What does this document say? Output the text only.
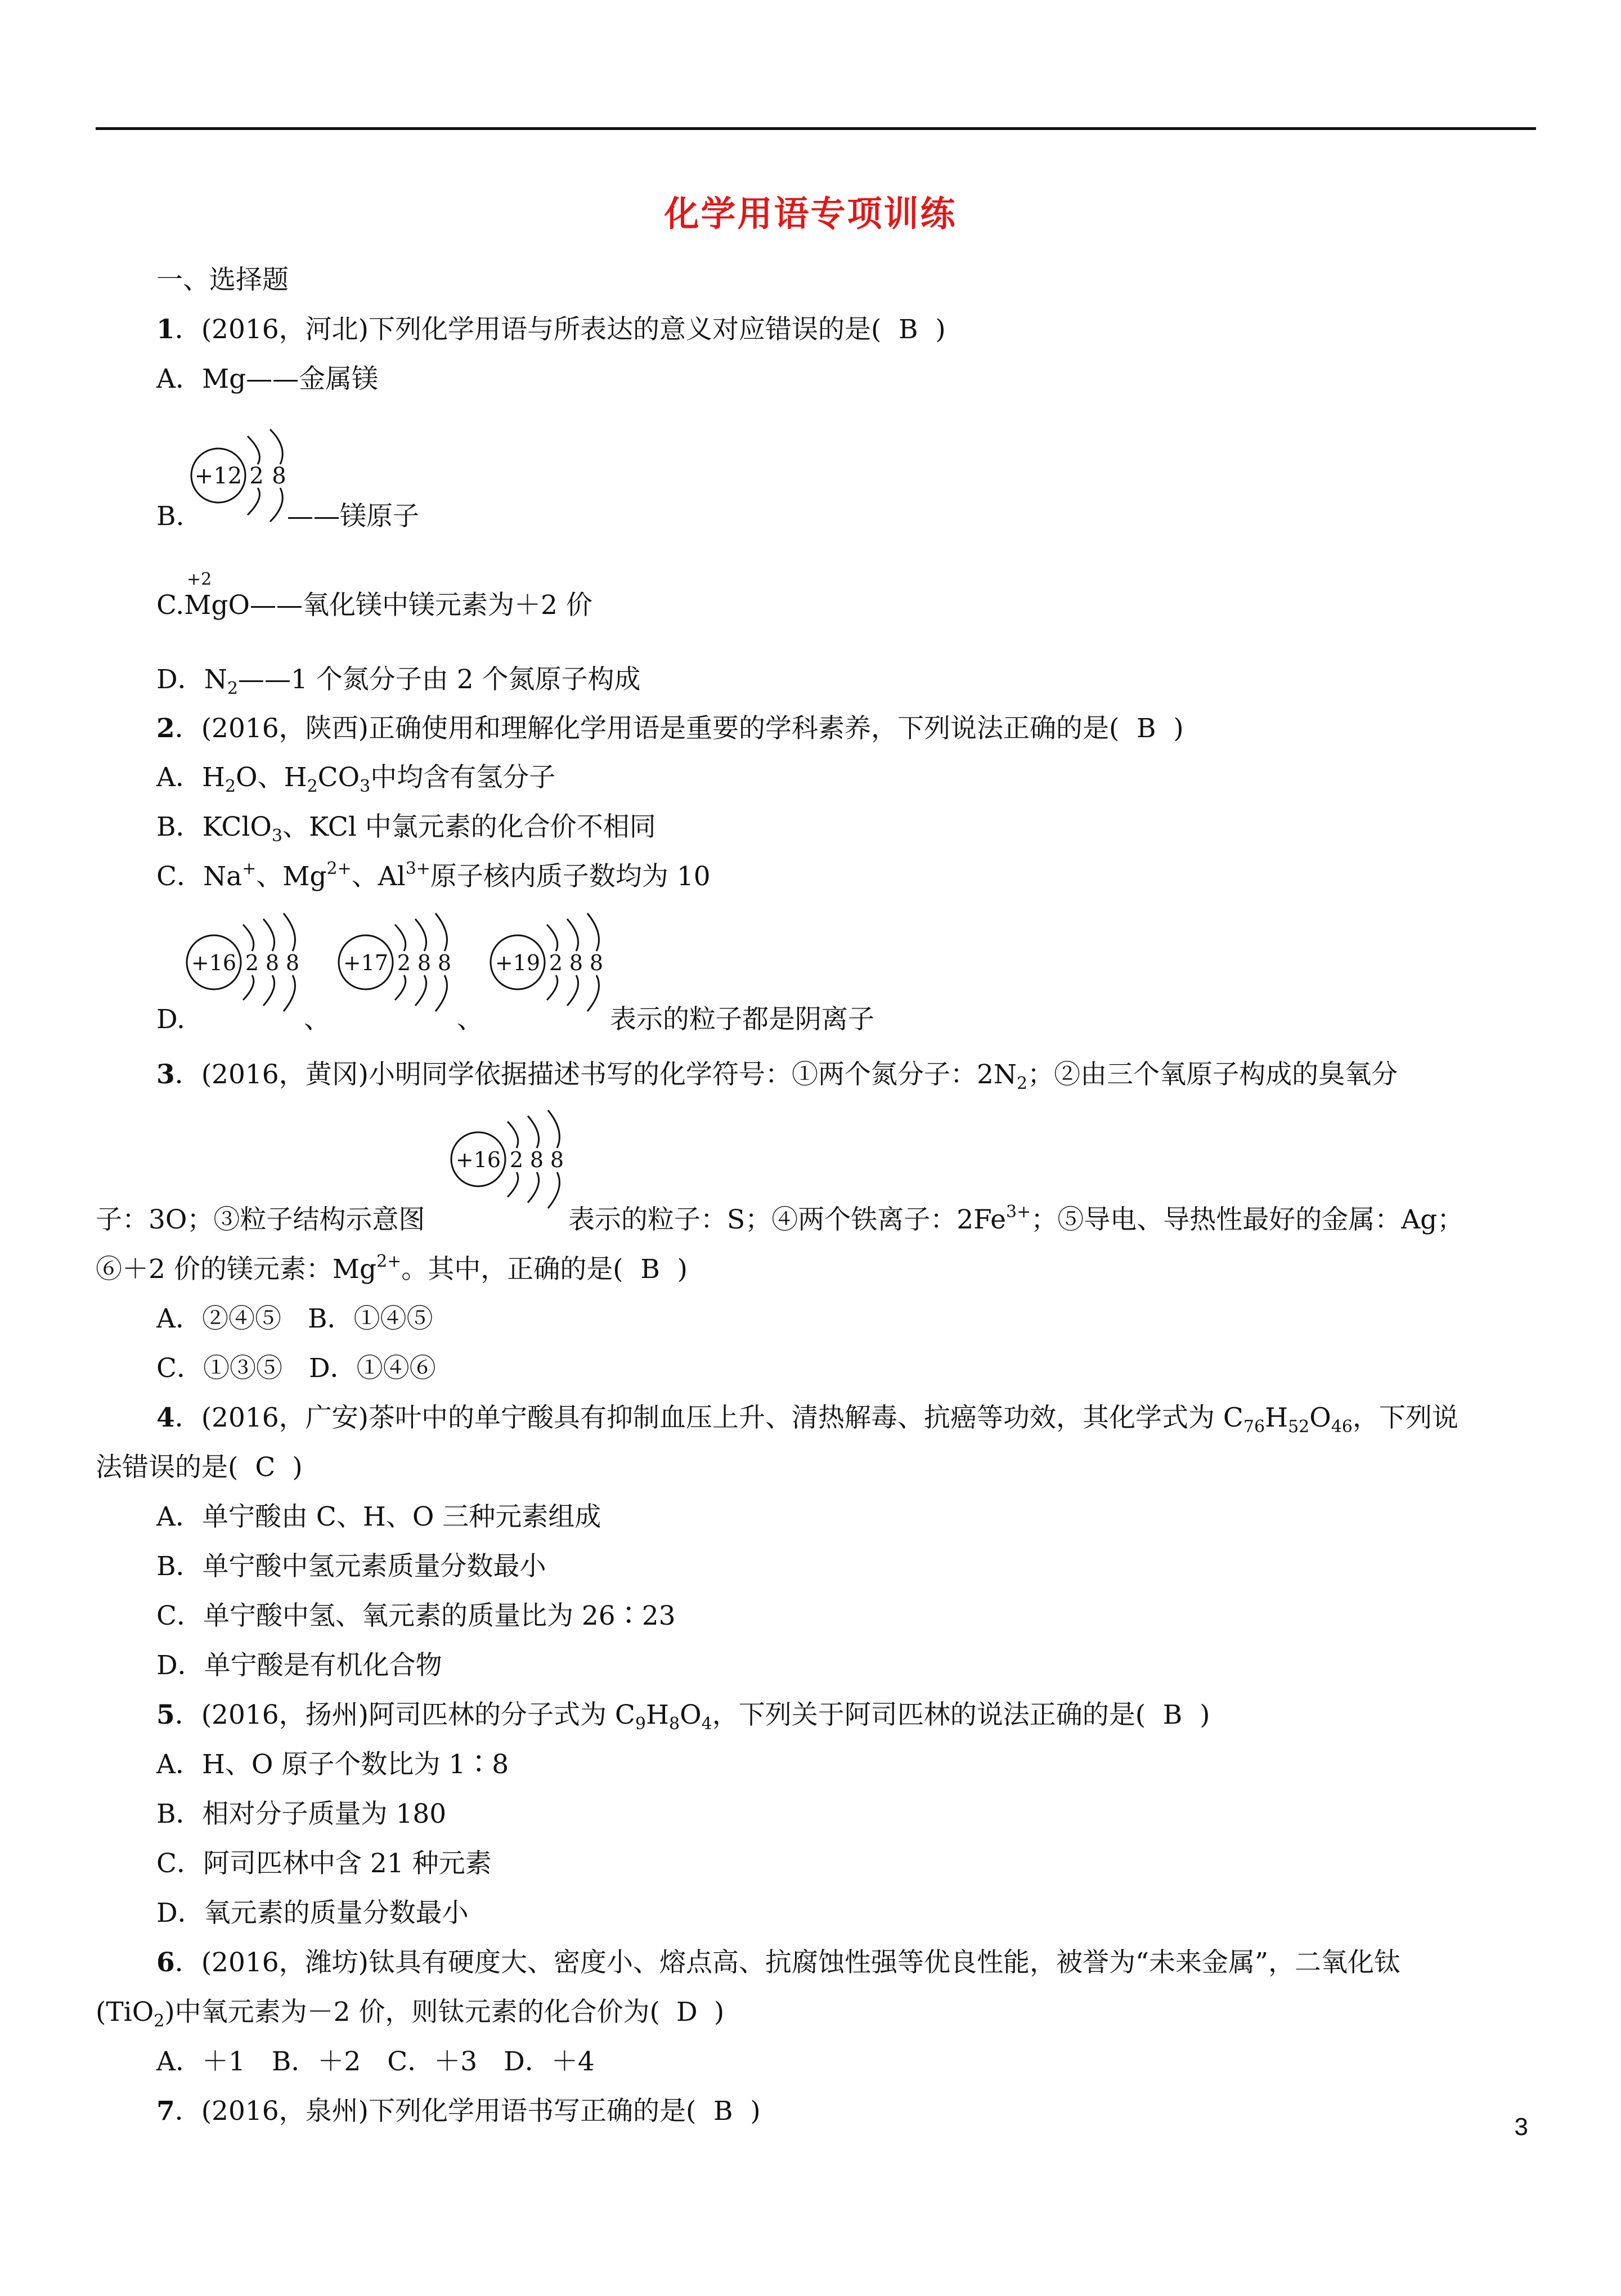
化学用语专项训练
一、选择题
1．(2016，河北)下列化学用语与所表达的意义对应错误的是( B )
A．Mg——金属镁
+12 2 8
B.	——镁原子
+2
C.MgO——氧化镁中镁元素为＋2 价
D．$N_2——1$ 个氮分子由 2 个氮原子构成
2．(2016，陕西)正确使用和理解化学用语是重要的学科素养，下列说法正确的是( B )
A．$H_2O$、$H_2CO_3$中均含有氢分子
B．KClO$_3$、KCl 中氯元素的化合价不相同
C．Na+、$Mg^{2+}$、$Al^{3+}$原子核内质子数均为 10
+16 2 8 8 +17 2 8 8 +19 2 8 8
D.	、	、	表示的粒子都是阴离子
3．(2016，黄冈)小明同学依据描述书写的化学符号：①两个氮分子：$2N_2$；②由三个氧原子构成的臭氧分
+16 2 8 8
子：3O；③粒子结构示意图	表示的粒子：S；④两个铁离子：$2Fe^{3+}$；⑤导电、导热性最好的金属：Ag；
⑥＋2 价的镁元素：$Mg^{2+}$。其中，正确的是( B )
A．②④⑤　B．①④⑤
C．①③⑤　D．①④⑥
4．(2016，广安)茶叶中的单宁酸具有抑制血压上升、清热解毒、抗癌等功效，其化学式为 $C_{76}H_{52}O_{46}$，下列说
法错误的是( C )
A．单宁酸由 C、H、O 三种元素组成
B．单宁酸中氢元素质量分数最小
C．单宁酸中氢、氧元素的质量比为 26∶23
D．单宁酸是有机化合物
5．(2016，扬州)阿司匹林的分子式为 $C_9H_8O_4$，下列关于阿司匹林的说法正确的是( B )
A．H、O 原子个数比为 1∶8
B．相对分子质量为 180
C．阿司匹林中含 21 种元素
D．氧元素的质量分数最小
6．(2016，潍坊)钛具有硬度大、密度小、熔点高、抗腐蚀性强等优良性能，被誉为“未来金属”，二氧化钛
(TiO$_2$)中氧元素为－2 价，则钛元素的化合价为( D )
A．＋1　B．＋2　C．＋3　D．＋4
7．(2016，泉州)下列化学用语书写正确的是( B )
3
